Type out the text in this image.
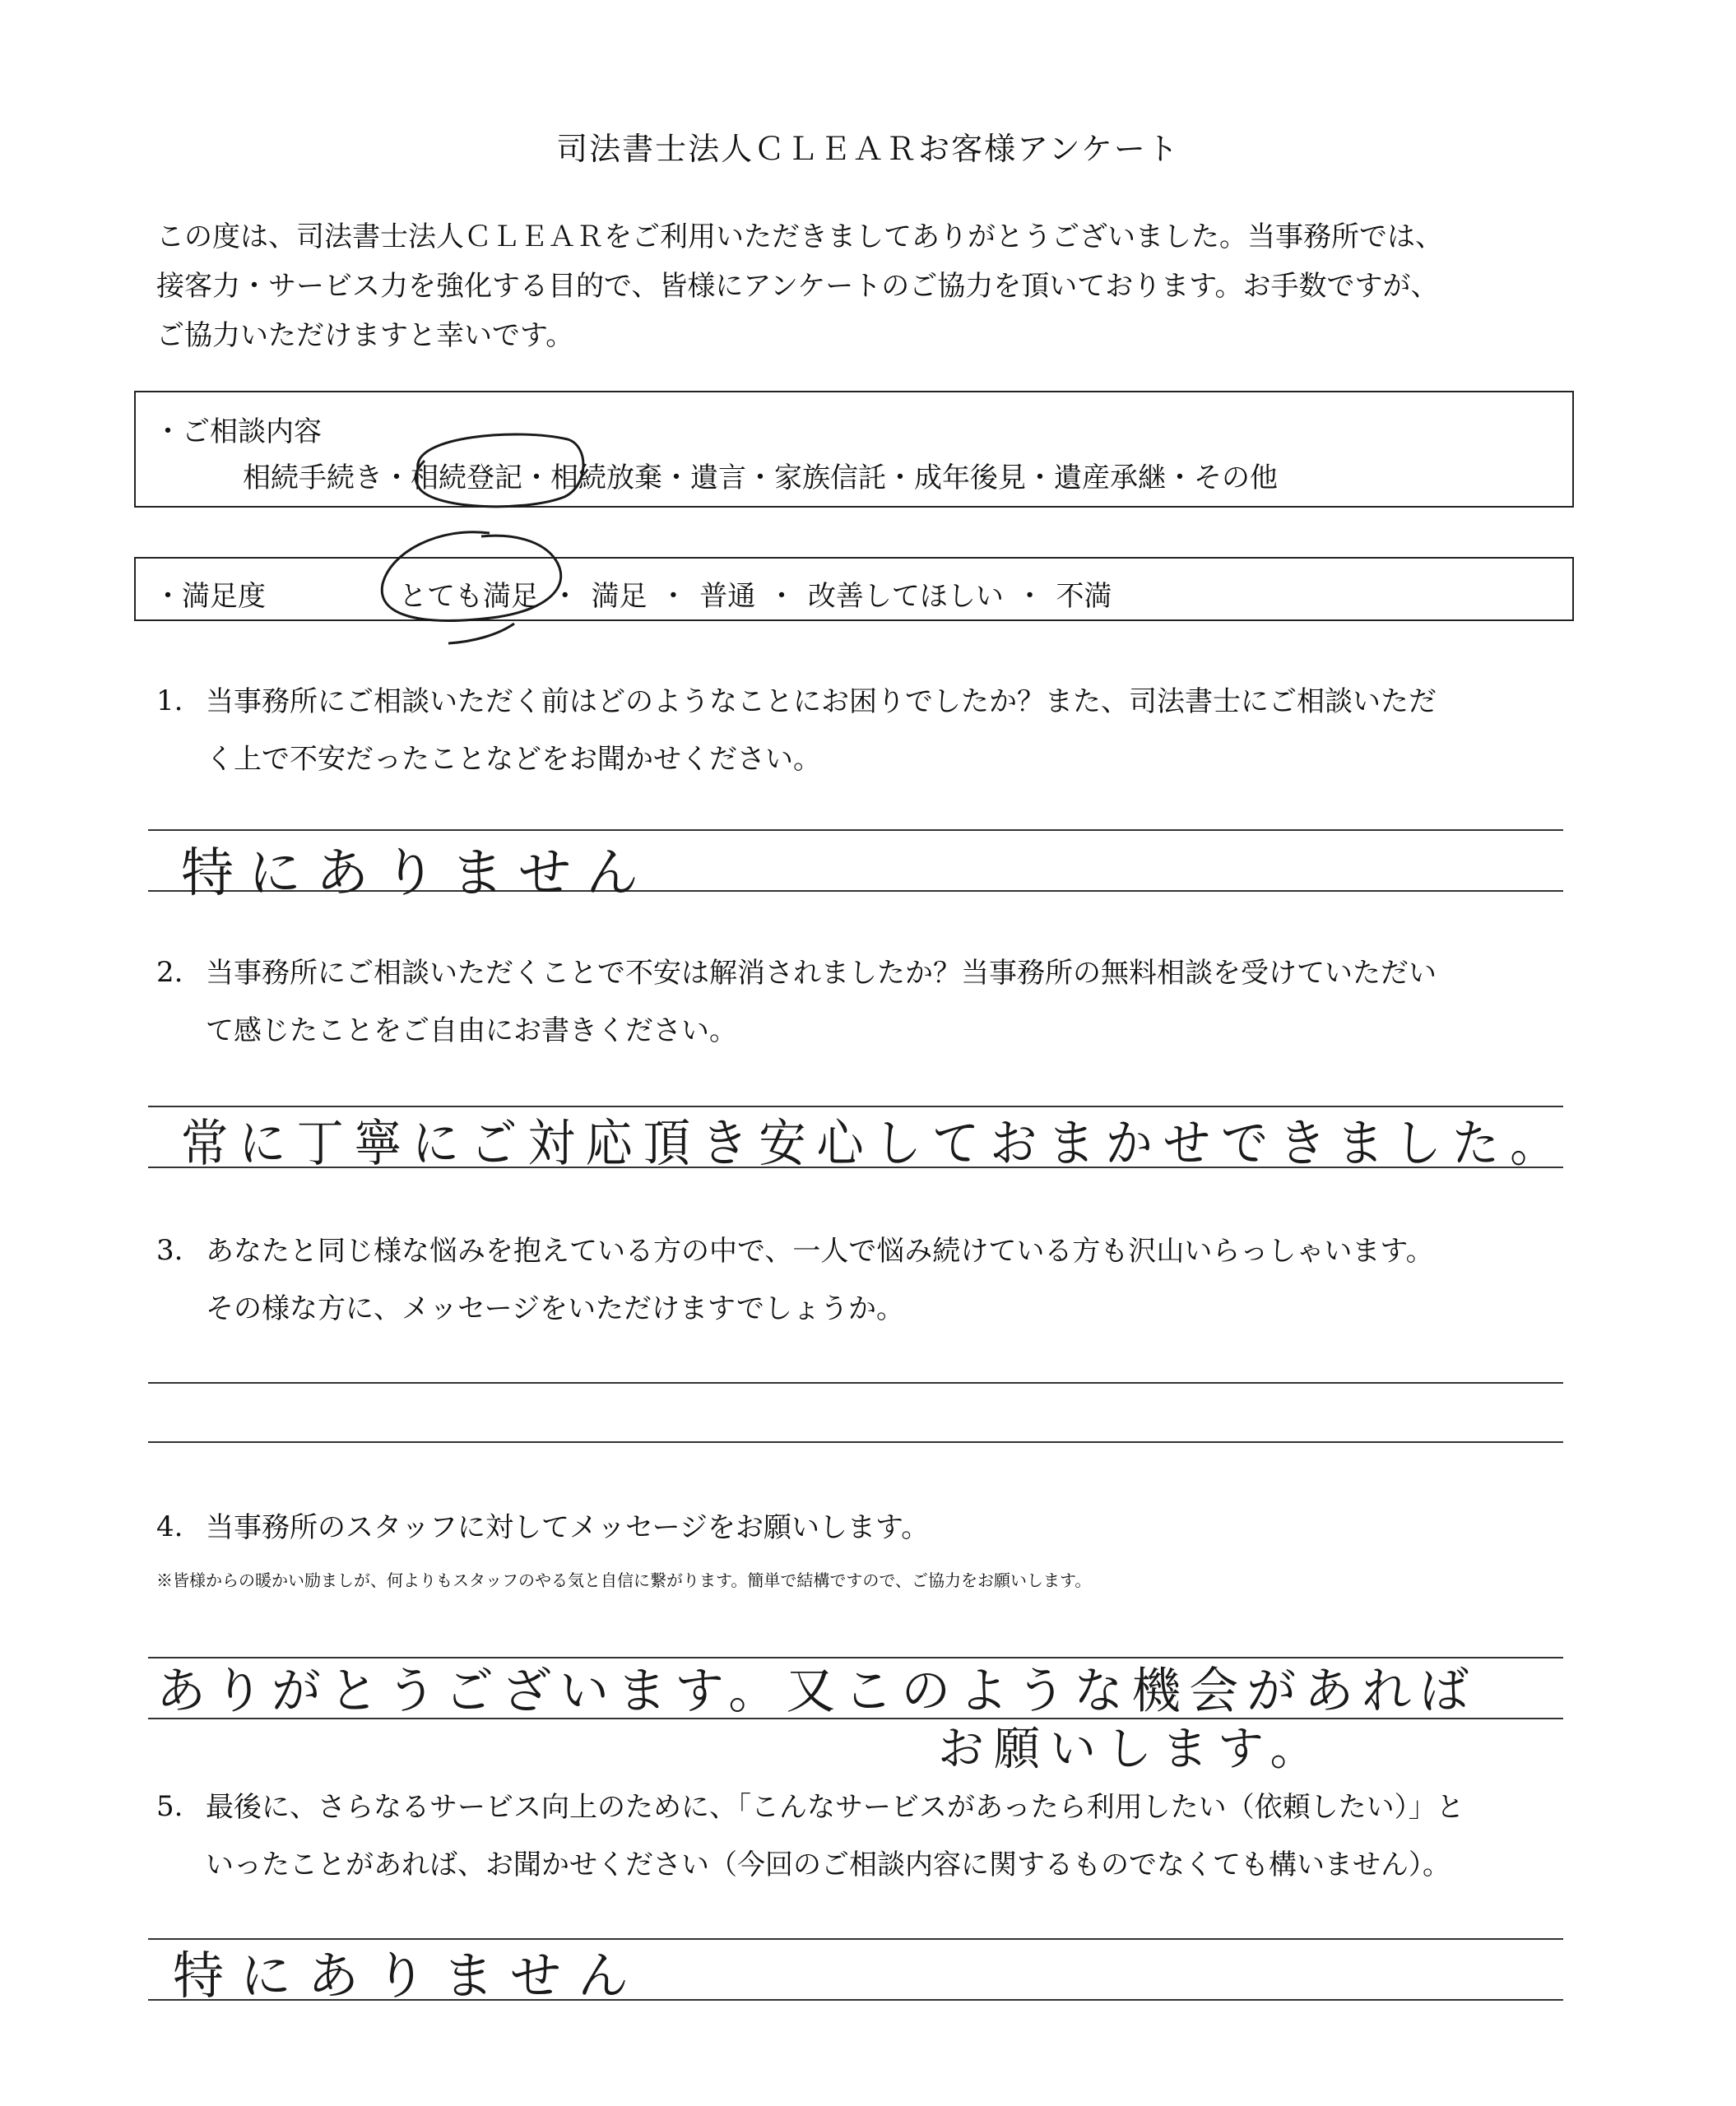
司法書士法人ＣＬＥＡＲお客様アンケート
この度は、司法書士法人ＣＬＥＡＲをご利用いただきましてありがとうございました。当事務所では、
接客力・サービス力を強化する目的で、皆様にアンケートのご協力を頂いております。お手数ですが、
ご協力いただけますと幸いです。
・ご相談内容
相続手続き・相続登記・相続放棄・遺言・家族信託・成年後見・遺産承継・その他
・満足度	とても満足 ・ 満足 ・ 普通 ・ 改善してほしい ・ 不満
1. 当事務所にご相談いただく前はどのようなことにお困りでしたか？また、司法書士にご相談いただ
く上で不安だったことなどをお聞かせください。
特にありません
2. 当事務所にご相談いただくことで不安は解消されましたか？当事務所の無料相談を受けていただい
て感じたことをご自由にお書きください。
常に丁寧にご対応頂き安心しておまかせできました。
3. あなたと同じ様な悩みを抱えている方の中で、一人で悩み続けている方も沢山いらっしゃいます。
その様な方に、メッセージをいただけますでしょうか。
4. 当事務所のスタッフに対してメッセージをお願いします。
※皆様からの暖かい励ましが、何よりもスタッフのやる気と自信に繋がります。簡単で結構ですので、ご協力をお願いします。
ありがとうございます。又このような機会があれば
お願いします。
5. 最後に、さらなるサービス向上のために、「こんなサービスがあったら利用したい（依頼したい）」と
いったことがあれば、お聞かせください（今回のご相談内容に関するものでなくても構いません）。
特にありません
